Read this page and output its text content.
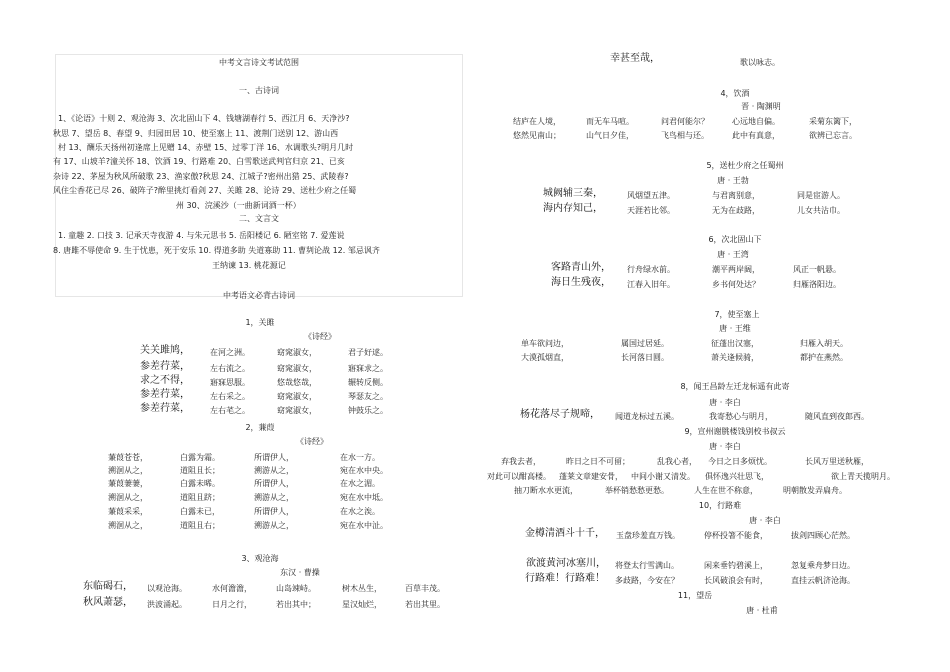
中考文言诗文考试范围
一、古诗词
1、《论语》十则 2、观沧海 3、次北固山下 4、钱塘湖春行 5、西江月 6、天净沙?
秋思 7、望岳 8、春望 9、归园田居 10、使至塞上 11、渡荆门送别 12、游山西
村 13、酬乐天扬州初逢席上见赠 14、赤壁 15、过零丁洋 16、水调歌头?明月几时
有 17、山坡羊?潼关怀 18、饮酒 19、行路难 20、白雪歌送武判官归京 21、已亥
杂诗 22、茅屋为秋风所破歌 23、渔家傲?秋思 24、江城子?密州出猎 25、武陵春?
风住尘香花已尽 26、破阵子?醉里挑灯看剑 27、关雎 28、论诗 29、送杜少府之任蜀
州 30、浣溪沙（一曲新词酒一杯）
二、文言文
1. 童趣 2. 口技 3. 记承天寺夜游 4. 与朱元思书 5. 岳阳楼记 6. 陋室铭 7. 爱莲说
8. 唐雎不辱使命 9. 生于忧患，死于安乐 10. 得道多助 失道寡助 11. 曹刿论战 12. 邹忌讽齐
王纳谏 13. 桃花源记
中考语文必背古诗词
1，关雎
《诗经》
关关雎鸠，	在河之洲。	窈窕淑女，	君子好逑。
参差荇菜，	左右流之。	窈窕淑女，	寤寐求之。
求之不得，	寤寐思服。	悠哉悠哉，	辗转反侧。
参差荇菜，	左右采之。	窈窕淑女，	琴瑟友之。
参差荇菜，	左右芼之。	窈窕淑女，	钟鼓乐之。
2，蒹葭
《诗经》
蒹葭苍苍，	白露为霜。	所谓伊人，	在水一方。
溯洄从之，	道阻且长；	溯游从之，	宛在水中央。
蒹葭萋萋，	白露未晞。	所谓伊人，	在水之湄。
溯洄从之，	道阻且跻；	溯游从之，	宛在水中坻。
蒹葭采采，	白露未已，	所谓伊人，	在水之涘。
溯洄从之，	道阻且右；	溯游从之，	宛在水中沚。
3、观沧海
东汉 · 曹操
东临碣石， 以观沧海。	水何澹澹，	山岛竦峙。	树木丛生，	百草丰茂。
秋风萧瑟， 洪波涌起。	日月之行，	若出其中；	星汉灿烂，	若出其里。
幸甚至哉，	歌以咏志。
4，饮酒
晋 · 陶渊明
结庐在人境，	而无车马喧。	问君何能尔？	心远地自偏。	采菊东篱下，
悠然见南山；	山气日夕佳，	飞鸟相与还。	此中有真意，	欲辨已忘言。
5，送杜少府之任蜀州
唐 · 王勃
城阙辅三秦，	风烟望五津。	与君离别意，	同是宦游人。
海内存知己，	天涯若比邻。	无为在歧路，	儿女共沾巾。
6，次北固山下
唐 · 王湾
客路青山外， 行舟绿水前。	潮平两岸阔，	风正一帆悬。
海日生残夜， 江春入旧年。	乡书何处达？	归雁洛阳边。
7，使至塞上
唐 · 王维
单车欲问边，	属国过居延。	征蓬出汉塞，	归雁入胡天。
大漠孤烟直，	长河落日圆。	萧关逢候骑，	都护在燕然。
8，闻王昌龄左迁龙标遥有此寄
唐 · 李白
杨花落尽子规啼， 闻道龙标过五溪。	我寄愁心与明月，	随风直到夜郎西。
9，宣州谢朓楼饯别校书叔云
唐 · 李白
弃我去者，	昨日之日不可留；	乱我心者， 今日之日多烦忧。	长风万里送秋雁，
对此可以酣高楼。 蓬莱文章建安骨， 中间小谢又清发。 俱怀逸兴壮思飞，	欲上青天揽明月。
抽刀断水水更流，	举杯销愁愁更愁。	人生在世不称意，	明朝散发弄扁舟。
10，行路难
唐 · 李白
金樽清酒斗十千， 玉盘珍羞直万钱。	停杯投箸不能食，	拔剑四顾心茫然。
欲渡黄河冰塞川， 将登太行雪满山。	闲来垂钓碧溪上，	忽复乘舟梦日边。
行路难！行路难！ 多歧路，今安在？	长风破浪会有时，	直挂云帆济沧海。
11，望岳
唐 · 杜甫
